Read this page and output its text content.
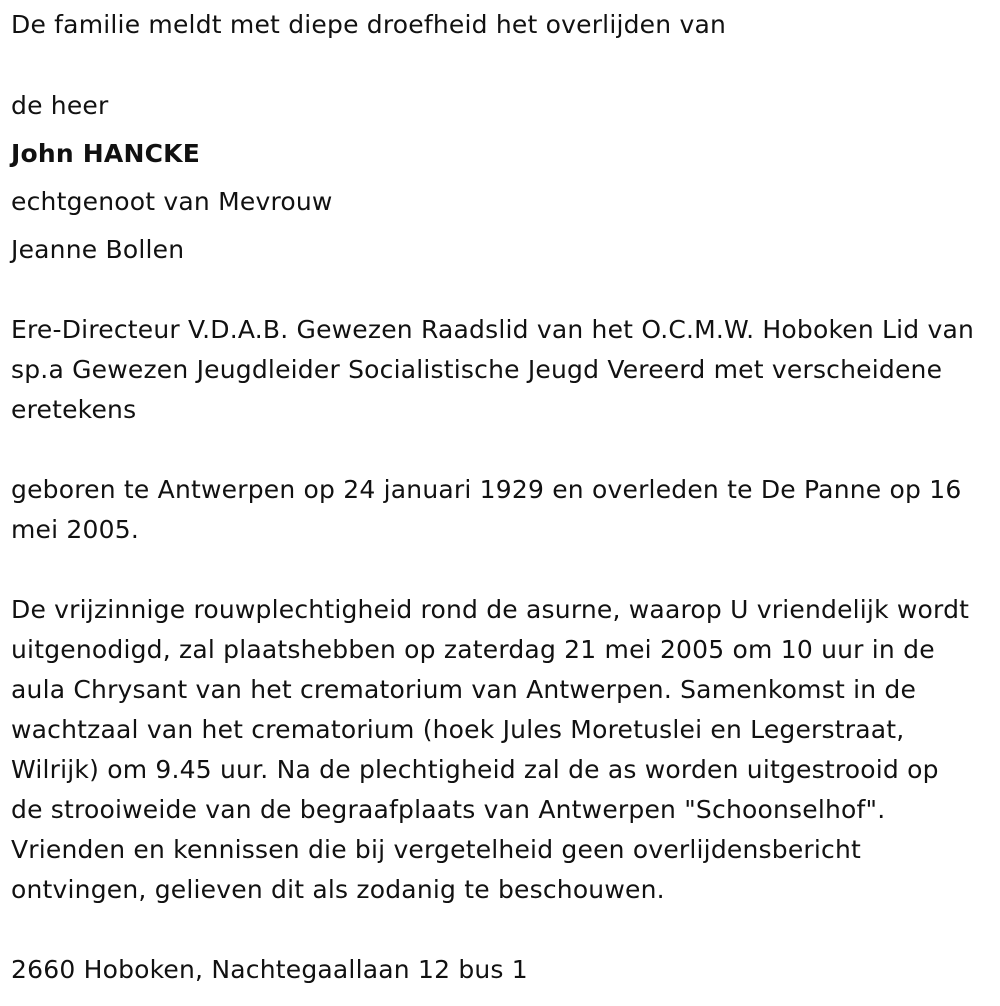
De familie meldt met diepe droefheid het overlijden van
de heer
John HANCKE
echtgenoot van Mevrouw
Jeanne Bollen
Ere-Directeur V.D.A.B. Gewezen Raadslid van het O.C.M.W. Hoboken Lid van sp.a Gewezen Jeugdleider Socialistische Jeugd Vereerd met verscheidene eretekens
geboren te Antwerpen op 24 januari 1929 en overleden te De Panne op 16 mei 2005.
De vrijzinnige rouwplechtigheid rond de asurne, waarop U vriendelijk wordt uitgenodigd, zal plaatshebben op zaterdag 21 mei 2005 om 10 uur in de aula Chrysant van het crematorium van Antwerpen. Samenkomst in de wachtzaal van het crematorium (hoek Jules Moretuslei en Legerstraat, Wilrijk) om 9.45 uur. Na de plechtigheid zal de as worden uitgestrooid op de strooiweide van de begraafplaats van Antwerpen "Schoonselhof". Vrienden en kennissen die bij vergetelheid geen overlijdensbericht ontvingen, gelieven dit als zodanig te beschouwen.
2660 Hoboken, Nachtegaallaan 12 bus 1
